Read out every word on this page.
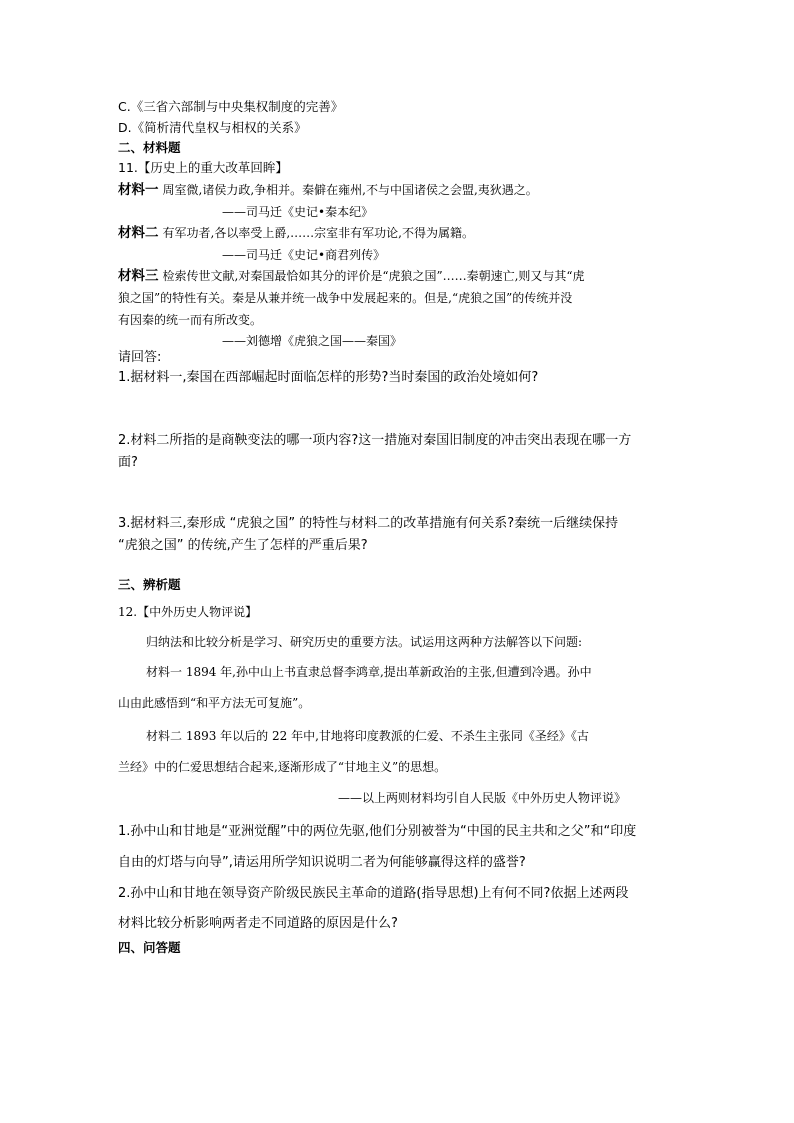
C.《三省六部制与中央集权制度的完善》
D.《简析清代皇权与相权的关系》
二、材料题
11.【历史上的重大改革回眸】
材料一 周室微,诸侯力政,争相并。秦僻在雍州,不与中国诸侯之会盟,夷狄遇之。
——司马迁《史记•秦本纪》
材料二 有军功者,各以率受上爵,……宗室非有军功论,不得为属籍。
——司马迁《史记•商君列传》
材料三 检索传世文献,对秦国最恰如其分的评价是“虎狼之国”……秦朝速亡,则又与其“虎
狼之国”的特性有关。秦是从兼并统一战争中发展起来的。但是,“虎狼之国”的传统并没
有因秦的统一而有所改变。
——刘德增《虎狼之国——秦国》
请回答:
1.据材料一,秦国在西部崛起时面临怎样的形势?当时秦国的政治处境如何?
2.材料二所指的是商鞅变法的哪一项内容?这一措施对秦国旧制度的冲击突出表现在哪一方
面?
3.据材料三,秦形成 “虎狼之国” 的特性与材料二的改革措施有何关系?秦统一后继续保持
“虎狼之国” 的传统,产生了怎样的严重后果?
三、辨析题
12.【中外历史人物评说】
归纳法和比较分析是学习、研究历史的重要方法。试运用这两种方法解答以下问题:
材料一 1894 年,孙中山上书直隶总督李鸿章,提出革新政治的主张,但遭到冷遇。孙中
山由此感悟到“和平方法无可复施”。
材料二 1893 年以后的 22 年中,甘地将印度教派的仁爱、不杀生主张同《圣经》《古
兰经》中的仁爱思想结合起来,逐渐形成了“甘地主义”的思想。
——以上两则材料均引自人民版《中外历史人物评说》
1.孙中山和甘地是“亚洲觉醒”中的两位先驱,他们分别被誉为“中国的民主共和之父”和“印度
自由的灯塔与向导”,请运用所学知识说明二者为何能够赢得这样的盛誉?
2.孙中山和甘地在领导资产阶级民族民主革命的道路(指导思想)上有何不同?依据上述两段
材料比较分析影响两者走不同道路的原因是什么?
四、问答题
